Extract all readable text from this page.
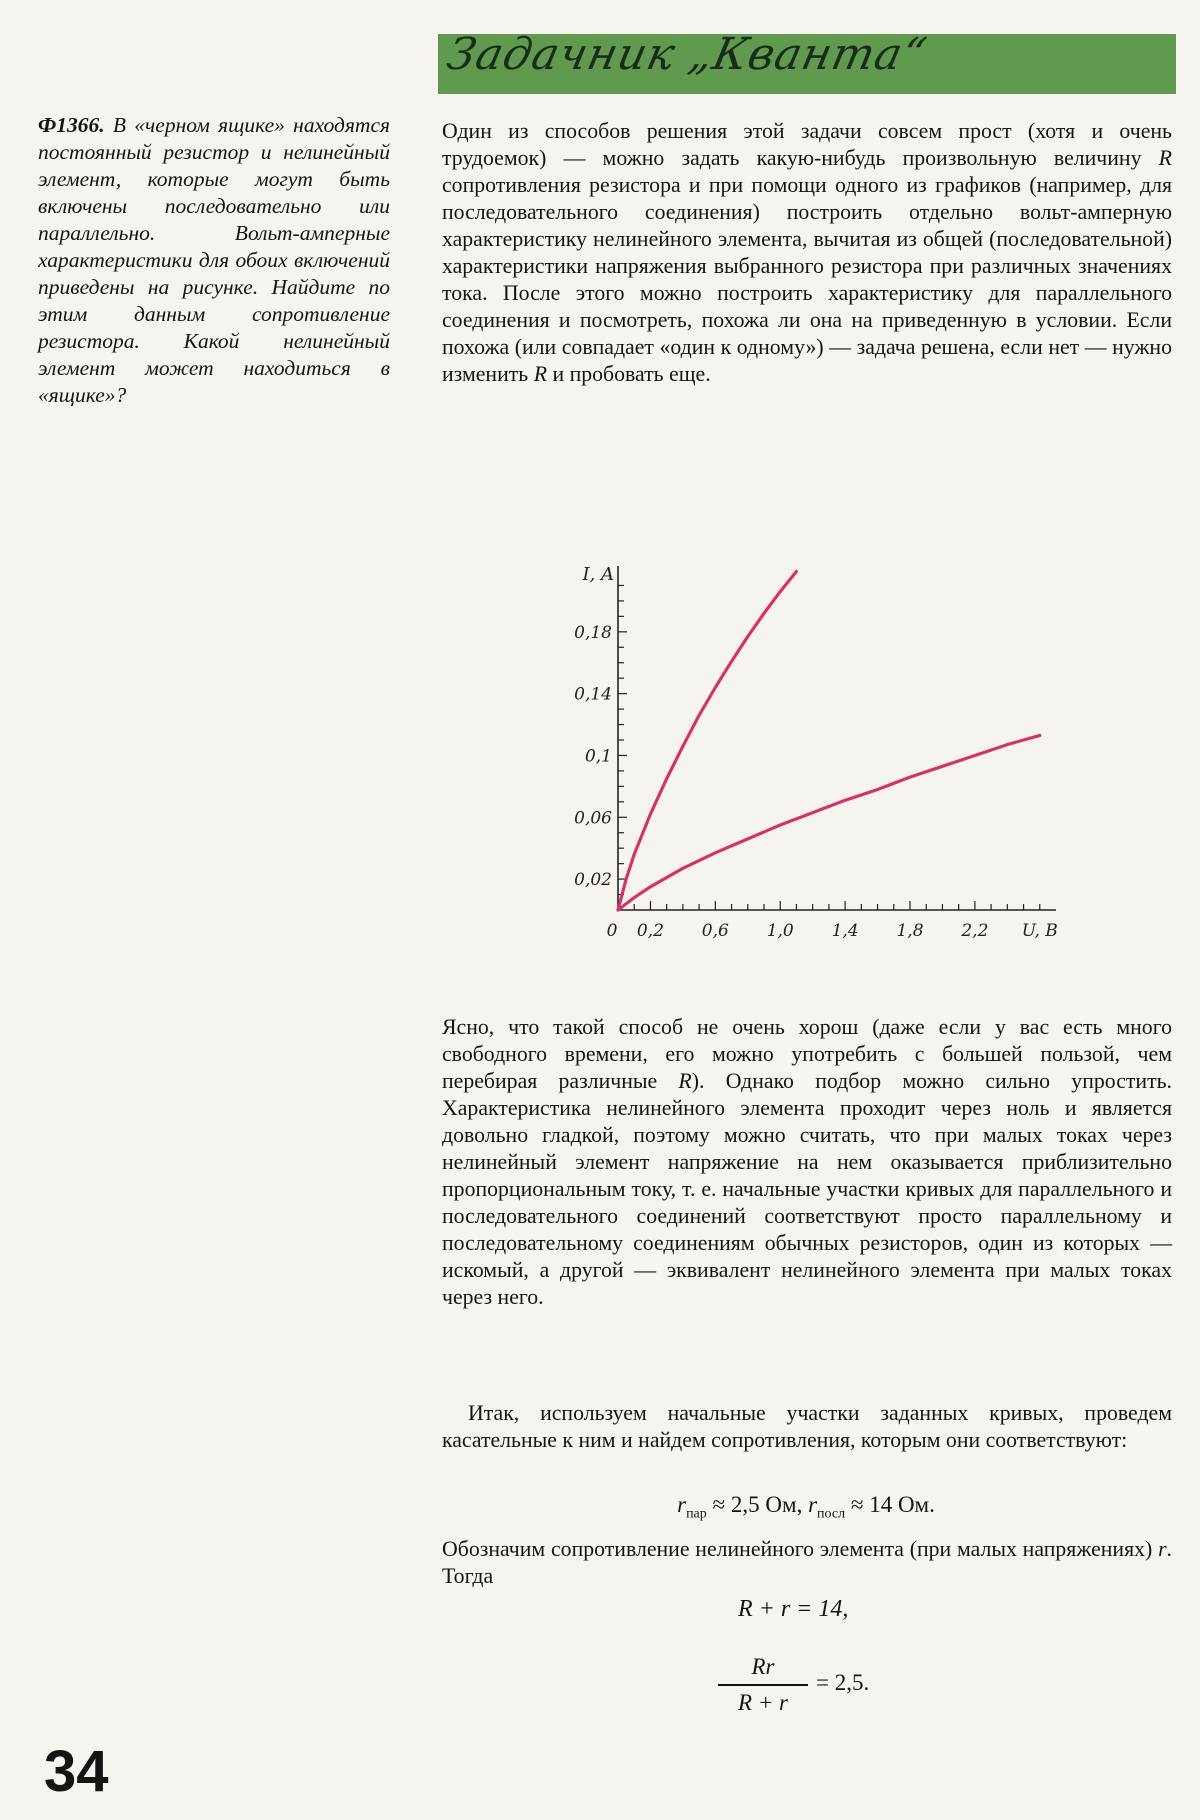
Задачник „Кванта“
Ф1366. В «черном ящике» находятся постоянный резистор и нелинейный элемент, которые могут быть включены последовательно или параллельно. Вольт-амперные характеристики для обоих включений приведены на рисунке. Найдите по этим данным сопротивление резистора. Какой нелинейный элемент может находиться в «ящике»?

Один из способов решения этой задачи совсем прост (хотя и очень трудоемок) — можно задать какую-нибудь произвольную величину R сопротивления резистора и при помощи одного из графиков (например, для последовательного соединения) построить отдельно вольт-амперную характеристику нелинейного элемента, вычитая из общей (последовательной) характеристики напряжения выбранного резистора при различных значениях тока. После этого можно построить характеристику для параллельного соединения и посмотреть, похожа ли она на приведенную в условии. Если похожа (или совпадает «один к одному») — задача решена, если нет — нужно изменить R и пробовать еще.

0 0,2 0,6 1,0 1,4 1,8 2,2
0,02
0,06
0,1
0,14
0,18
U, B
I, A

Ясно, что такой способ не очень хорош (даже если у вас есть много свободного времени, его можно употребить с большей пользой, чем перебирая различные R). Однако подбор можно сильно упростить. Характеристика нелинейного элемента проходит через ноль и является довольно гладкой, поэтому можно считать, что при малых токах через нелинейный элемент напряжение на нем оказывается приблизительно пропорциональным току, т. е. начальные участки кривых для параллельного и последовательного соединений соответствуют просто параллельному и последовательному соединениям обычных резисторов, один из которых — искомый, а другой — эквивалент нелинейного элемента при малых токах через него.

Итак, используем начальные участки заданных кривых, проведем касательные к ним и найдем сопротивления, которым они соответствуют:

$r_{пар} \approx 2,5$ Ом, $r_{посл} \approx 14$ Ом.

Обозначим сопротивление нелинейного элемента (при малых напряжениях) r. Тогда

R + r = 14,
Rr
R + r
= 2,5.
34
